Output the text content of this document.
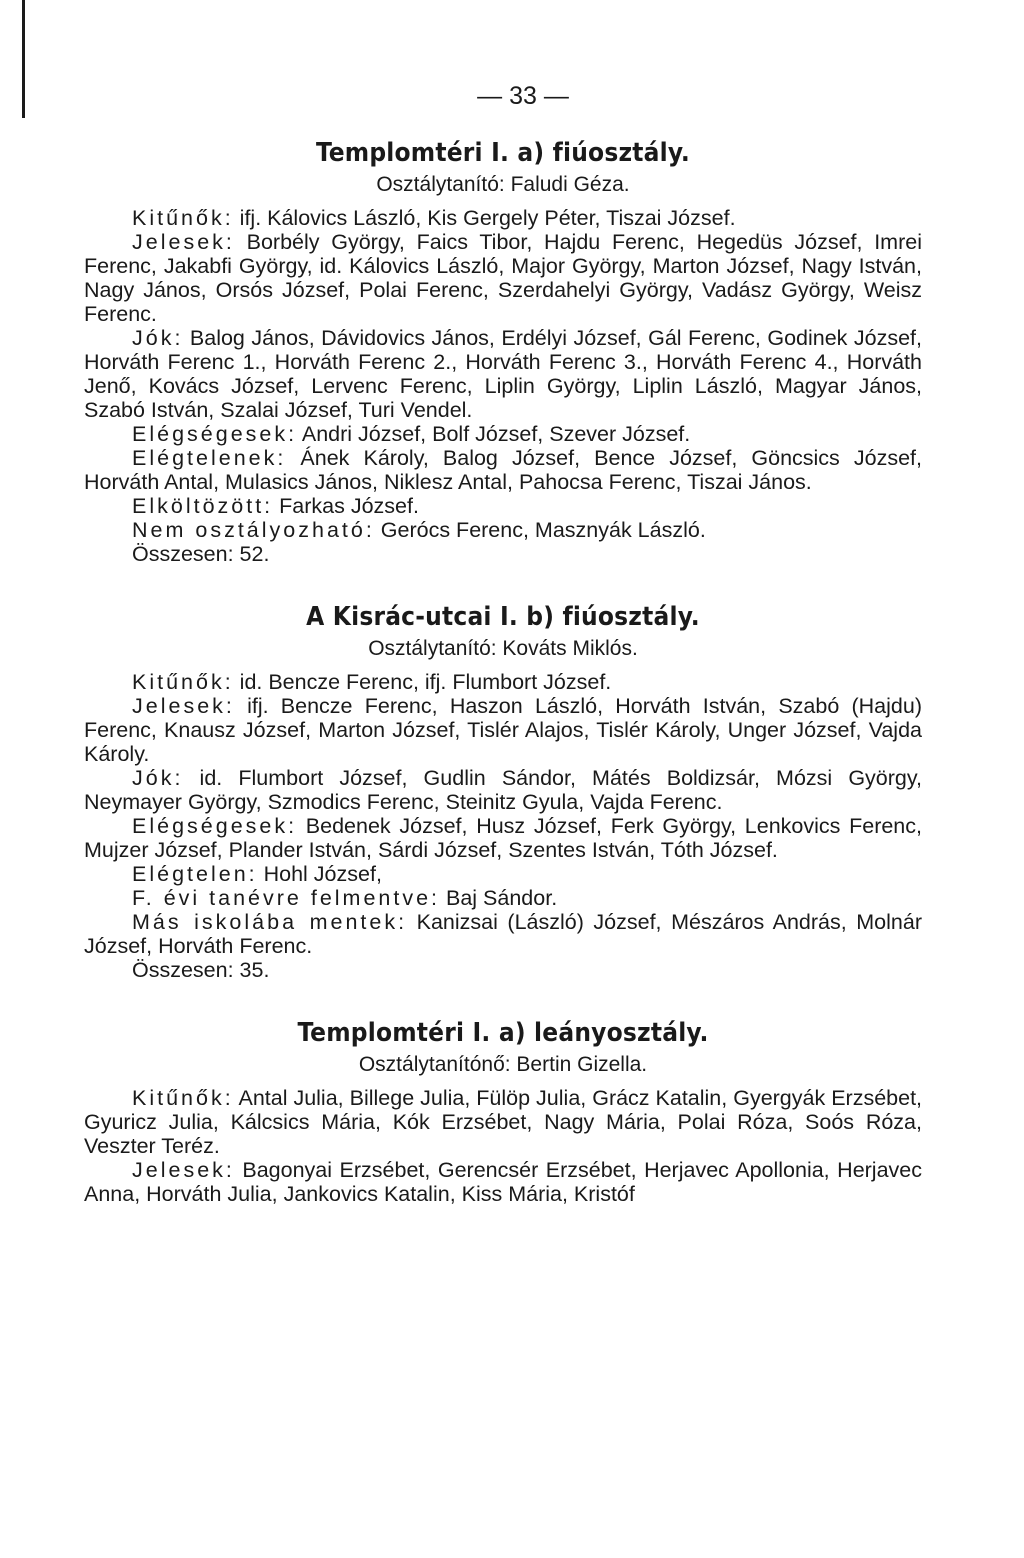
— 33 —
Templomtéri I. a) fiúosztály.
Osztálytanító: Faludi Géza.

Kitűnők: ifj. Kálovics László, Kis Gergely Péter, Tiszai József.

Jelesek: Borbély György, Faics Tibor, Hajdu Ferenc, Hegedüs József, Imrei Ferenc, Jakabfi György, id. Kálovics László, Major György, Marton József, Nagy István, Nagy János, Orsós József, Polai Ferenc, Szerdahelyi György, Vadász György, Weisz Ferenc.

Jók: Balog János, Dávidovics János, Erdélyi József, Gál Ferenc, Godinek József, Horváth Ferenc 1., Horváth Ferenc 2., Horváth Ferenc 3., Horváth Ferenc 4., Horváth Jenő, Kovács József, Lervenc Ferenc, Liplin György, Liplin László, Magyar János, Szabó István, Szalai József, Turi Vendel.

Elégségesek: Andri József, Bolf József, Szever József.

Elégtelenek: Ánek Károly, Balog József, Bence József, Göncsics József, Horváth Antal, Mulasics János, Niklesz Antal, Pahocsa Ferenc, Tiszai János.

Elköltözött: Farkas József.

Nem osztályozható: Gerócs Ferenc, Masznyák László.

Összesen: 52.

A Kisrác-utcai I. b) fiúosztály.
Osztálytanító: Kováts Miklós.

Kitűnők: id. Bencze Ferenc, ifj. Flumbort József.

Jelesek: ifj. Bencze Ferenc, Haszon László, Horváth István, Szabó (Hajdu) Ferenc, Knausz József, Marton József, Tislér Alajos, Tislér Károly, Unger József, Vajda Károly.

Jók: id. Flumbort József, Gudlin Sándor, Mátés Boldizsár, Mózsi György, Neymayer György, Szmodics Ferenc, Steinitz Gyula, Vajda Ferenc.

Elégségesek: Bedenek József, Husz József, Ferk György, Lenkovics Ferenc, Mujzer József, Plander István, Sárdi József, Szentes István, Tóth József.

Elégtelen: Hohl József,

F. évi tanévre felmentve: Baj Sándor.

Más iskolába mentek: Kanizsai (László) József, Mészáros András, Molnár József, Horváth Ferenc.

Összesen: 35.

Templomtéri I. a) leányosztály.
Osztálytanítónő: Bertin Gizella.

Kitűnők: Antal Julia, Billege Julia, Fülöp Julia, Grácz Katalin, Gyergyák Erzsébet, Gyuricz Julia, Kálcsics Mária, Kók Erzsébet, Nagy Mária, Polai Róza, Soós Róza, Veszter Teréz.

Jelesek: Bagonyai Erzsébet, Gerencsér Erzsébet, Herjavec Apollonia, Herjavec Anna, Horváth Julia, Jankovics Katalin, Kiss Mária, Kristóf
